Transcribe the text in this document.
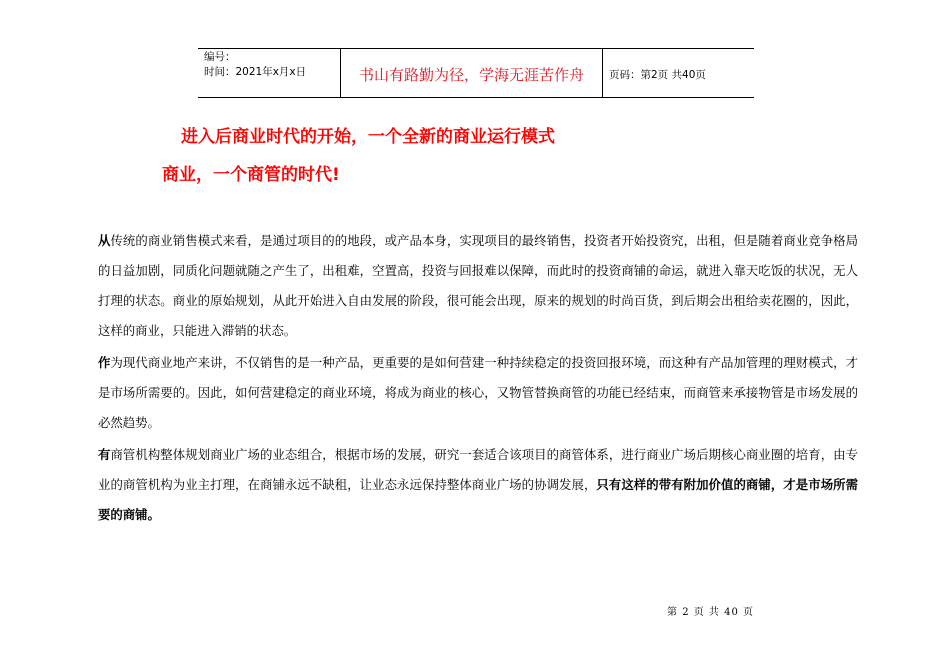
编号：
时间：2021年x月x日	书山有路勤为径，学海无涯苦作舟	页码：第2页 共40页
进入后商业时代的开始，一个全新的商业运行模式
商业，一个商管的时代!

从传统的商业销售模式来看，是通过项目的的地段，或产品本身，实现项目的最终销售，投资者开始投资究，出租，但是随着商业竞争格局的日益加剧，同质化问题就随之产生了，出租难，空置高，投资与回报难以保障，而此时的投资商铺的命运，就进入靠天吃饭的状况，无人打理的状态。商业的原始规划，从此开始进入自由发展的阶段，很可能会出现，原来的规划的时尚百货，到后期会出租给卖花圈的，因此，这样的商业，只能进入滞销的状态。

作为现代商业地产来讲，不仅销售的是一种产品，更重要的是如何营建一种持续稳定的投资回报环境，而这种有产品加管理的理财模式，才是市场所需要的。因此，如何营建稳定的商业环境，将成为商业的核心，又物管替换商管的功能已经结束，而商管来承接物管是市场发展的必然趋势。

有商管机构整体规划商业广场的业态组合，根据市场的发展，研究一套适合该项目的商管体系，进行商业广场后期核心商业圈的培育，由专业的商管机构为业主打理，在商铺永远不缺租，让业态永远保持整体商业广场的协调发展，只有这样的带有附加价值的商铺，才是市场所需要的商铺。

第 2 页 共 40 页
